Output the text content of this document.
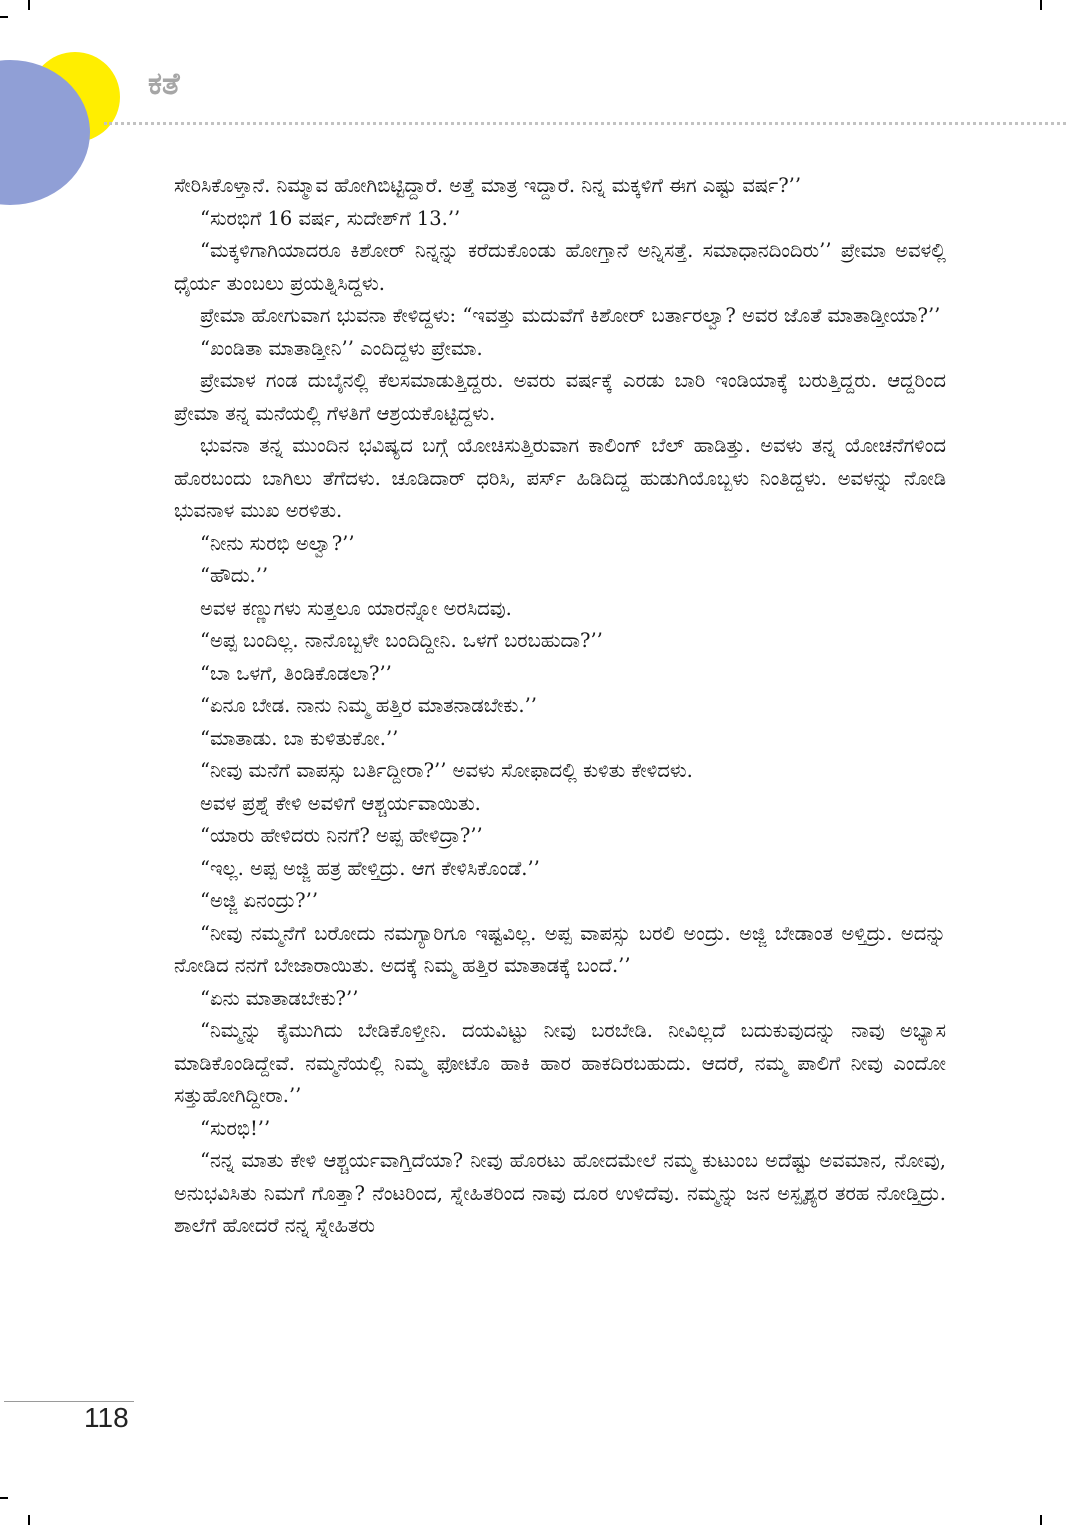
ಕತೆ

ಸೇರಿಸಿಕೊಳ್ತಾನೆ. ನಿಮ್ಮಾವ ಹೋಗಿಬಿಟ್ಟಿದ್ದಾರೆ. ಅತ್ತೆ ಮಾತ್ರ ಇದ್ದಾರೆ. ನಿನ್ನ ಮಕ್ಕಳಿಗೆ ಈಗ ಎಷ್ಟು ವರ್ಷ?’’

“ಸುರಭಿಗೆ 16 ವರ್ಷ, ಸುದೇಶ್‌ಗೆ 13.’’

“ಮಕ್ಕಳಿಗಾಗಿಯಾದರೂ ಕಿಶೋರ್ ನಿನ್ನನ್ನು ಕರೆದುಕೊಂಡು ಹೋಗ್ತಾನೆ ಅನ್ನಿಸತ್ತೆ. ಸಮಾಧಾನದಿಂದಿರು’’ ಪ್ರೇಮಾ ಅವಳಲ್ಲಿ ಧೈರ್ಯ ತುಂಬಲು ಪ್ರಯತ್ನಿಸಿದ್ದಳು.

ಪ್ರೇಮಾ ಹೋಗುವಾಗ ಭುವನಾ ಕೇಳಿದ್ದಳು: “ಇವತ್ತು ಮದುವೆಗೆ ಕಿಶೋರ್ ಬರ್ತಾರಲ್ವಾ? ಅವರ ಜೊತೆ ಮಾತಾಡ್ತೀಯಾ?’’

“ಖಂಡಿತಾ ಮಾತಾಡ್ತೀನಿ’’ ಎಂದಿದ್ದಳು ಪ್ರೇಮಾ.

ಪ್ರೇಮಾಳ ಗಂಡ ದುಬೈನಲ್ಲಿ ಕೆಲಸಮಾಡುತ್ತಿದ್ದರು. ಅವರು ವರ್ಷಕ್ಕೆ ಎರಡು ಬಾರಿ ಇಂಡಿಯಾಕ್ಕೆ ಬರುತ್ತಿದ್ದರು. ಆದ್ದರಿಂದ ಪ್ರೇಮಾ ತನ್ನ ಮನೆಯಲ್ಲಿ ಗೆಳತಿಗೆ ಆಶ್ರಯಕೊಟ್ಟಿದ್ದಳು.

ಭುವನಾ ತನ್ನ ಮುಂದಿನ ಭವಿಷ್ಯದ ಬಗ್ಗೆ ಯೋಚಿಸುತ್ತಿರುವಾಗ ಕಾಲಿಂಗ್ ಬೆಲ್ ಹಾಡಿತ್ತು. ಅವಳು ತನ್ನ ಯೋಚನೆಗಳಿಂದ ಹೊರಬಂದು ಬಾಗಿಲು ತೆಗೆದಳು. ಚೂಡಿದಾರ್ ಧರಿಸಿ, ಪರ್ಸ್ ಹಿಡಿದಿದ್ದ ಹುಡುಗಿಯೊಬ್ಬಳು ನಿಂತಿದ್ದಳು. ಅವಳನ್ನು ನೋಡಿ ಭುವನಾಳ ಮುಖ ಅರಳಿತು.

“ನೀನು ಸುರಭಿ ಅಲ್ವಾ?’’

“ಹೌದು.’’

ಅವಳ ಕಣ್ಣುಗಳು ಸುತ್ತಲೂ ಯಾರನ್ನೋ ಅರಸಿದವು.

“ಅಪ್ಪ ಬಂದಿಲ್ಲ. ನಾನೊಬ್ಬಳೇ ಬಂದಿದ್ದೀನಿ. ಒಳಗೆ ಬರಬಹುದಾ?’’

“ಬಾ ಒಳಗೆ, ತಿಂಡಿಕೊಡಲಾ?’’

“ಏನೂ ಬೇಡ. ನಾನು ನಿಮ್ಮ ಹತ್ತಿರ ಮಾತನಾಡಬೇಕು.’’

“ಮಾತಾಡು. ಬಾ ಕುಳಿತುಕೋ.’’

“ನೀವು ಮನೆಗೆ ವಾಪಸ್ಸು ಬರ್ತಿದ್ದೀರಾ?’’ ಅವಳು ಸೋಫಾದಲ್ಲಿ ಕುಳಿತು ಕೇಳಿದಳು.

ಅವಳ ಪ್ರಶ್ನೆ ಕೇಳಿ ಅವಳಿಗೆ ಆಶ್ಚರ್ಯವಾಯಿತು.

“ಯಾರು ಹೇಳಿದರು ನಿನಗೆ? ಅಪ್ಪ ಹೇಳಿದ್ರಾ?’’

“ಇಲ್ಲ. ಅಪ್ಪ ಅಜ್ಜಿ ಹತ್ರ ಹೇಳ್ತಿದ್ರು. ಆಗ ಕೇಳಿಸಿಕೊಂಡೆ.’’

“ಅಜ್ಜಿ ಏನಂದ್ರು?’’

“ನೀವು ನಮ್ಮನೆಗೆ ಬರೋದು ನಮಗ್ಯಾರಿಗೂ ಇಷ್ಟವಿಲ್ಲ. ಅಪ್ಪ ವಾಪಸ್ಸು ಬರಲಿ ಅಂದ್ರು. ಅಜ್ಜಿ ಬೇಡಾಂತ ಅಳ್ತಿದ್ರು. ಅದನ್ನು ನೋಡಿದ ನನಗೆ ಬೇಜಾರಾಯಿತು. ಅದಕ್ಕೆ ನಿಮ್ಮ ಹತ್ತಿರ ಮಾತಾಡಕ್ಕೆ ಬಂದೆ.’’

“ಏನು ಮಾತಾಡಬೇಕು?’’

“ನಿಮ್ಮನ್ನು ಕೈಮುಗಿದು ಬೇಡಿಕೊಳ್ತೀನಿ. ದಯವಿಟ್ಟು ನೀವು ಬರಬೇಡಿ. ನೀವಿಲ್ಲದೆ ಬದುಕುವುದನ್ನು ನಾವು ಅಭ್ಯಾಸ ಮಾಡಿಕೊಂಡಿದ್ದೇವೆ. ನಮ್ಮನೆಯಲ್ಲಿ ನಿಮ್ಮ ಫೋಟೊ ಹಾಕಿ ಹಾರ ಹಾಕದಿರಬಹುದು. ಆದರೆ, ನಮ್ಮ ಪಾಲಿಗೆ ನೀವು ಎಂದೋ ಸತ್ತುಹೋಗಿದ್ದೀರಾ.’’

“ಸುರಭಿ!’’

“ನನ್ನ ಮಾತು ಕೇಳಿ ಆಶ್ಚರ್ಯವಾಗ್ತಿದೆಯಾ? ನೀವು ಹೊರಟು ಹೋದಮೇಲೆ ನಮ್ಮ ಕುಟುಂಬ ಅದೆಷ್ಟು ಅವಮಾನ, ನೋವು, ಅನುಭವಿಸಿತು ನಿಮಗೆ ಗೊತ್ತಾ? ನೆಂಟರಿಂದ, ಸ್ನೇಹಿತರಿಂದ ನಾವು ದೂರ ಉಳಿದೆವು. ನಮ್ಮನ್ನು ಜನ ಅಸ್ಪೃಶ್ಯರ ತರಹ ನೋಡ್ತಿದ್ರು. ಶಾಲೆಗೆ ಹೋದರೆ ನನ್ನ ಸ್ನೇಹಿತರು

118
